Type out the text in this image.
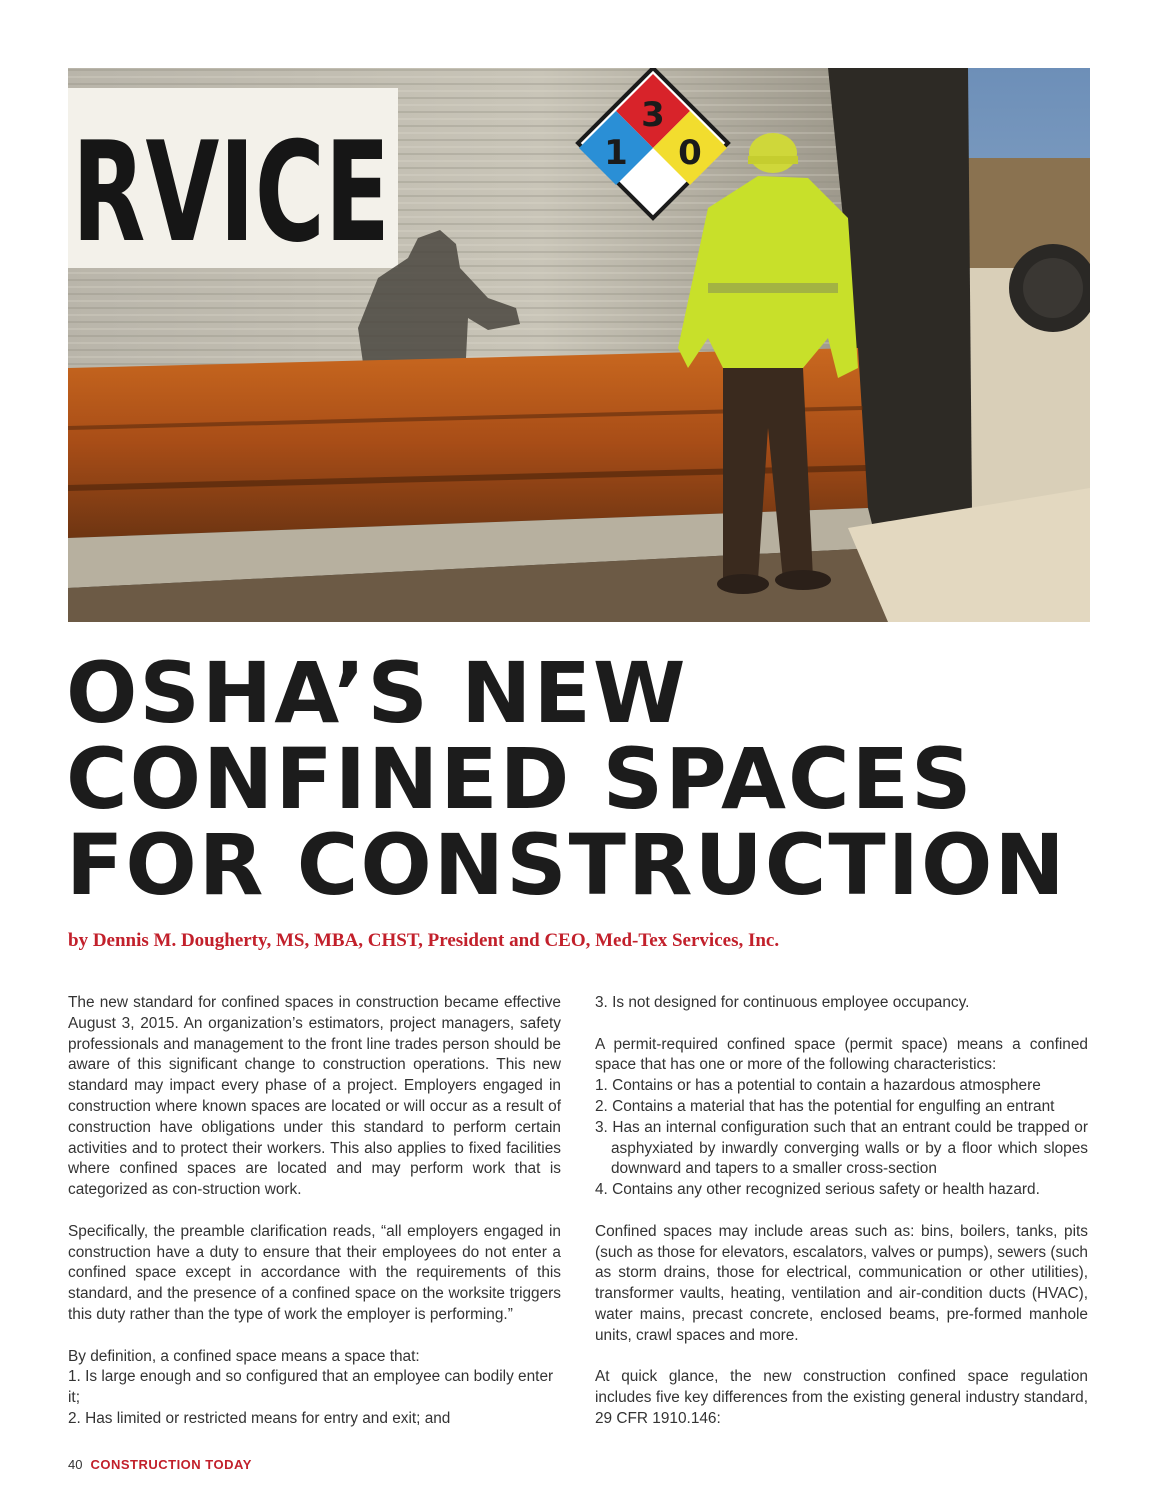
RVICE	3
1 0
OSHA’S NEW
CONFINED SPACES
FOR CONSTRUCTION

by Dennis M. Dougherty, MS, MBA, CHST, President and CEO, Med-Tex Services, Inc.

The new standard for confined spaces in construction became effective August 3, 2015. An organization’s estimators, project managers, safety professionals and management to the front line trades person should be aware of this significant change to construction operations. This new standard may impact every phase of a project. Employers engaged in construction where known spaces are located or will occur as a result of construction have obligations under this standard to perform certain activities and to protect their workers. This also applies to fixed facilities where confined spaces are located and may perform work that is categorized as con-struction work.

Specifically, the preamble clarification reads, “all employers engaged in construction have a duty to ensure that their employees do not enter a confined space except in accordance with the requirements of this standard, and the presence of a confined space on the worksite triggers this duty rather than the type of work the employer is performing.”

By definition, a confined space means a space that:
1. Is large enough and so configured that an employee can bodily enter it;
2. Has limited or restricted means for entry and exit; and

3. Is not designed for continuous employee occupancy.

A permit-required confined space (permit space) means a confined space that has one or more of the following characteristics:
1. Contains or has a potential to contain a hazardous atmosphere
2. Contains a material that has the potential for engulfing an entrant
3. Has an internal configuration such that an entrant could be trapped or asphyxiated by inwardly converging walls or by a floor which slopes downward and tapers to a smaller cross-section
4. Contains any other recognized serious safety or health hazard.

Confined spaces may include areas such as: bins, boilers, tanks, pits (such as those for elevators, escalators, valves or pumps), sewers (such as storm drains, those for electrical, communication or other utilities), transformer vaults, heating, ventilation and air-condition ducts (HVAC), water mains, precast concrete, enclosed beams, pre-formed manhole units, crawl spaces and more.

At quick glance, the new construction confined space regulation includes five key differences from the existing general industry standard, 29 CFR 1910.146:

40 CONSTRUCTION TODAY
